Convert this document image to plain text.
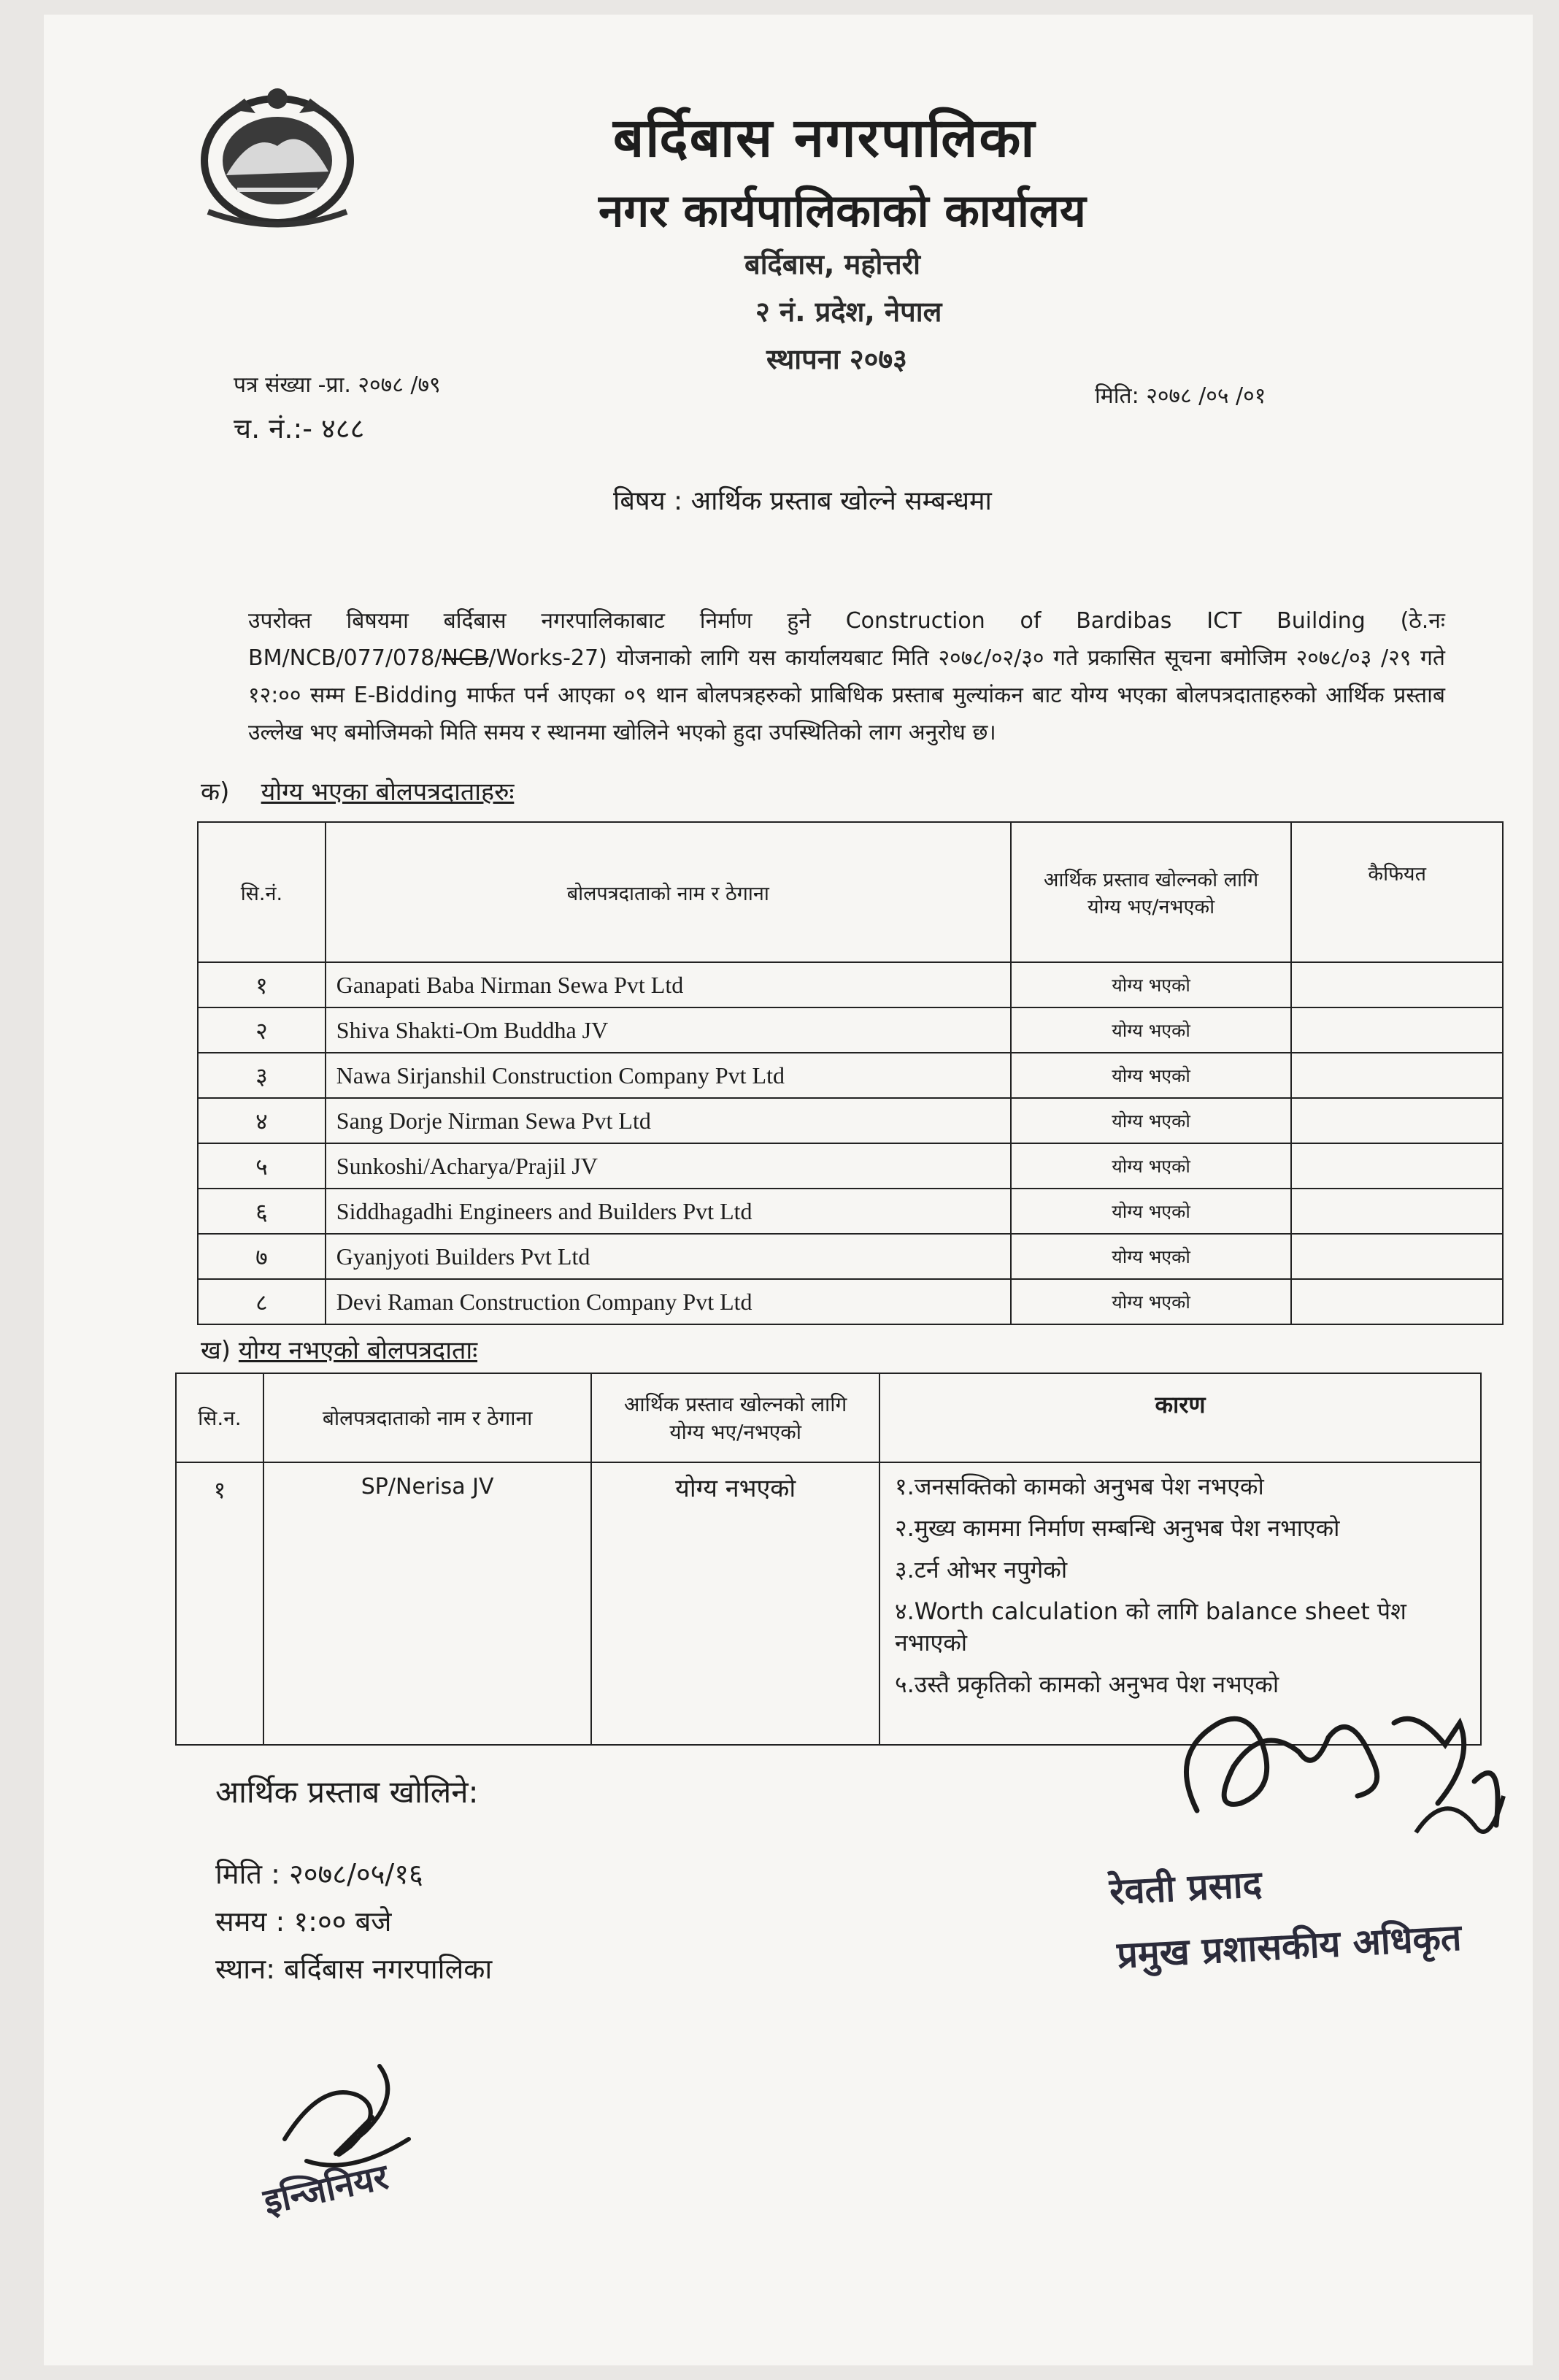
बर्दिबास नगरपालिका
नगर कार्यपालिकाको कार्यालय
बर्दिबास, महोत्तरी
२ नं. प्रदेश, नेपाल
स्थापना २०७३
पत्र संख्या -प्रा. २०७८ /७९
च. नं.:- ४८८
मिति: २०७८ /०५ /०१
बिषय : आर्थिक प्रस्ताब खोल्ने सम्बन्धमा
उपरोक्त बिषयमा बर्दिबास नगरपालिकाबाट निर्माण हुने Construction of Bardibas ICT Building (ठे.नः BM/NCB/077/078/NCB/Works-27) योजनाको लागि यस कार्यालयबाट मिति २०७८/०२/३० गते प्रकासित सूचना बमोजिम २०७८/०३ /२९ गते १२:०० सम्म E-Bidding मार्फत पर्न आएका ०९ थान बोलपत्रहरुको प्राबिधिक प्रस्ताब मुल्यांकन बाट योग्य भएका बोलपत्रदाताहरुको आर्थिक प्रस्ताब उल्लेख भए बमोजिमको मिति समय र स्थानमा खोलिने भएको हुदा उपस्थितिको लाग अनुरोध छ।
क) योग्य भएका बोलपत्रदाताहरुः
सि.नं.	बोलपत्रदाताको नाम र ठेगाना	आर्थिक प्रस्ताव खोल्नको लागि योग्य भए/नभएको	कैफियत
१	Ganapati Baba Nirman Sewa Pvt Ltd	योग्य भएको	
२	Shiva Shakti-Om Buddha JV	योग्य भएको	
३	Nawa Sirjanshil Construction Company Pvt Ltd	योग्य भएको	
४	Sang Dorje Nirman Sewa Pvt Ltd	योग्य भएको	
५	Sunkoshi/Acharya/Prajil JV	योग्य भएको	
६	Siddhagadhi Engineers and Builders Pvt Ltd	योग्य भएको	
७	Gyanjyoti Builders Pvt Ltd	योग्य भएको	
८	Devi Raman Construction Company Pvt Ltd	योग्य भएको	
ख) योग्य नभएको बोलपत्रदाताः
सि.न.	बोलपत्रदाताको नाम र ठेगाना	आर्थिक प्रस्ताव खोल्नको लागि योग्य भए/नभएको	कारण
१	SP/Nerisa JV	योग्य नभएको	१.जनसक्तिको कामको अनुभब पेश नभएको
२.मुख्य काममा निर्माण सम्बन्धि अनुभब पेश नभाएको
३.टर्न ओभर नपुगेको
४.Worth calculation को लागि balance sheet पेश नभाएको
५.उस्तै प्रकृतिको कामको अनुभव पेश नभएको
आर्थिक प्रस्ताब खोलिने:
मिति : २०७८/०५/१६
समय : १:०० बजे
स्थान: बर्दिबास नगरपालिका
रेवती प्रसाद
प्रमुख प्रशासकीय अधिकृत
इन्जिनियर
